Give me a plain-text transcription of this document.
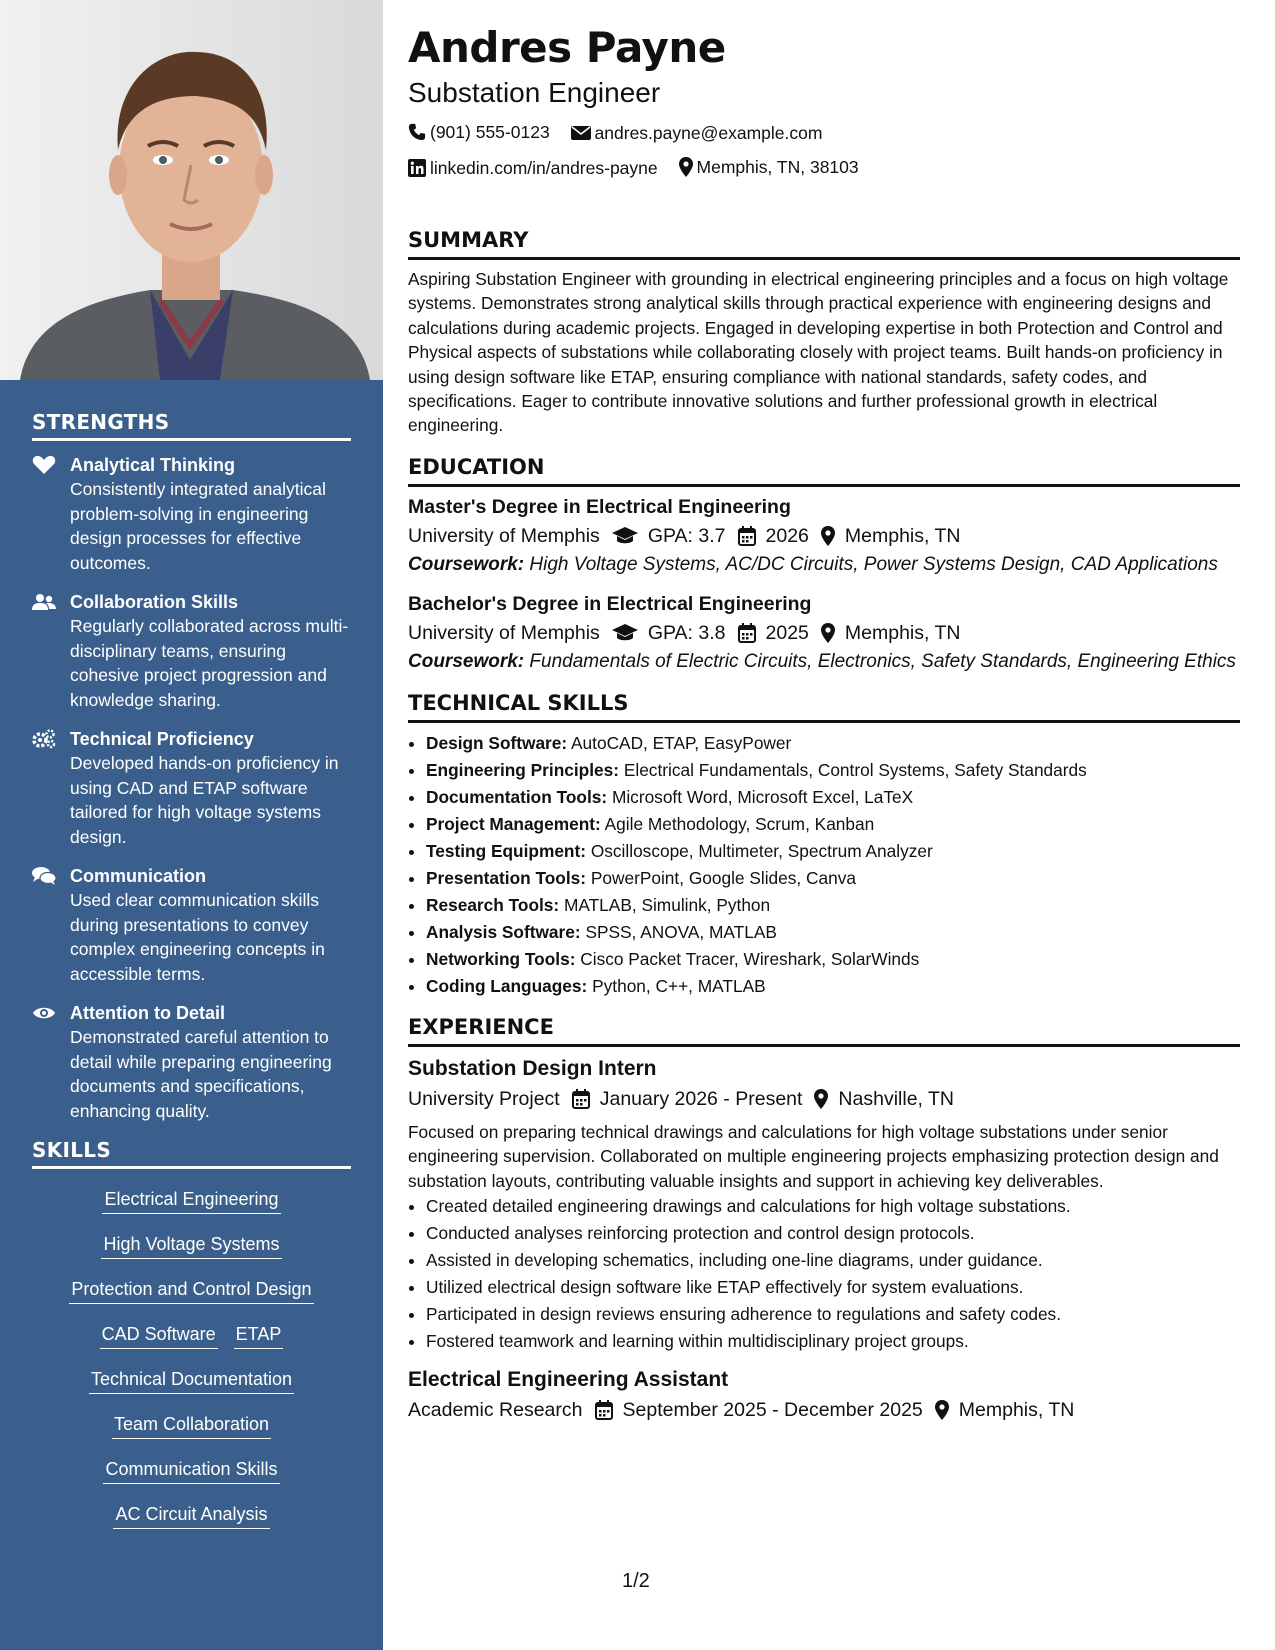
STRENGTHS
Analytical Thinking
Consistently integrated analytical problem-solving in engineering design processes for effective outcomes.
Collaboration Skills
Regularly collaborated across multi-disciplinary teams, ensuring cohesive project progression and knowledge sharing.
Technical Proficiency
Developed hands-on proficiency in using CAD and ETAP software tailored for high voltage systems design.
Communication
Used clear communication skills during presentations to convey complex engineering concepts in accessible terms.
Attention to Detail
Demonstrated careful attention to detail while preparing engineering documents and specifications, enhancing quality.
SKILLS
Electrical Engineering
High Voltage Systems
Protection and Control Design
CAD Software ETAP
Technical Documentation
Team Collaboration
Communication Skills
AC Circuit Analysis
Andres Payne
Substation Engineer
(901) 555-0123
	andres.payne@example.com
linkedin.com/in/andres-payne
Memphis, TN, 38103
SUMMARY

Aspiring Substation Engineer with grounding in electrical engineering principles and a focus on high voltage systems. Demonstrates strong analytical skills through practical experience with engineering designs and calculations during academic projects. Engaged in developing expertise in both Protection and Control and Physical aspects of substations while collaborating closely with project teams. Built hands-on proficiency in using design software like ETAP, ensuring compliance with national standards, safety codes, and specifications. Eager to contribute innovative solutions and further professional growth in electrical engineering.

EDUCATION
Master's Degree in Electrical Engineering
University of Memphis GPA: 3.7 2026 Memphis, TN
Coursework: High Voltage Systems, AC/DC Circuits, Power Systems Design, CAD Applications
Bachelor's Degree in Electrical Engineering
University of Memphis GPA: 3.8 2025 Memphis, TN
Coursework: Fundamentals of Electric Circuits, Electronics, Safety Standards, Engineering Ethics
TECHNICAL SKILLS
• Design Software: AutoCAD, ETAP, EasyPower
• Engineering Principles: Electrical Fundamentals, Control Systems, Safety Standards
• Documentation Tools: Microsoft Word, Microsoft Excel, LaTeX
• Project Management: Agile Methodology, Scrum, Kanban
• Testing Equipment: Oscilloscope, Multimeter, Spectrum Analyzer
• Presentation Tools: PowerPoint, Google Slides, Canva
• Research Tools: MATLAB, Simulink, Python
• Analysis Software: SPSS, ANOVA, MATLAB
• Networking Tools: Cisco Packet Tracer, Wireshark, SolarWinds
• Coding Languages: Python, C++, MATLAB
EXPERIENCE
Substation Design Intern
University Project January 2026 - Present Nashville, TN

Focused on preparing technical drawings and calculations for high voltage substations under senior engineering supervision. Collaborated on multiple engineering projects emphasizing protection design and substation layouts, contributing valuable insights and support in achieving key deliverables.

• Created detailed engineering drawings and calculations for high voltage substations.
• Conducted analyses reinforcing protection and control design protocols.
• Assisted in developing schematics, including one-line diagrams, under guidance.
• Utilized electrical design software like ETAP effectively for system evaluations.
• Participated in design reviews ensuring adherence to regulations and safety codes.
• Fostered teamwork and learning within multidisciplinary project groups.
Electrical Engineering Assistant
Academic Research September 2025 - December 2025 Memphis, TN
1/2
